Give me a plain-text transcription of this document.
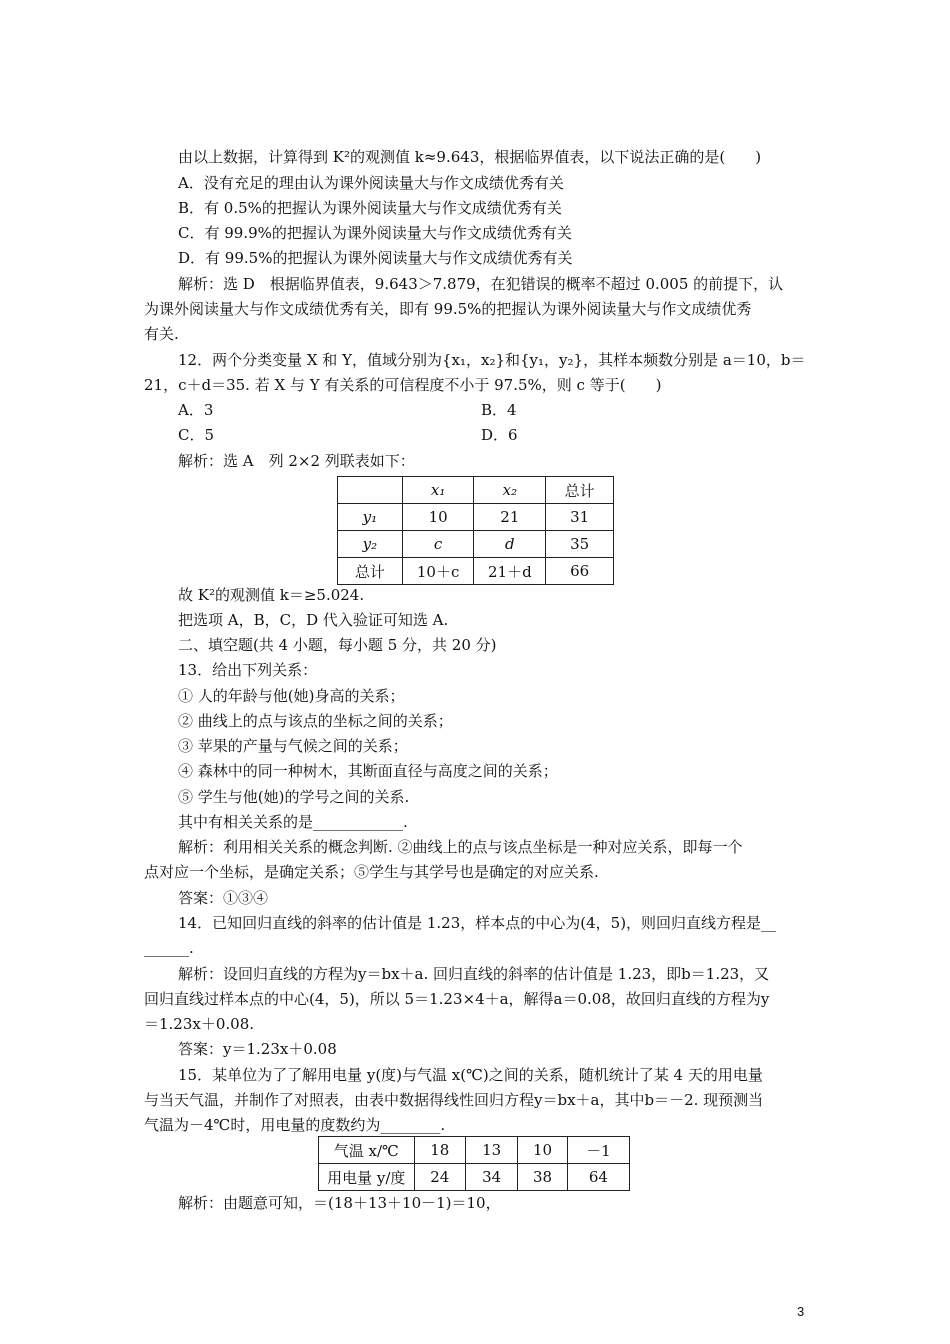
由以上数据，计算得到 K²的观测值 k≈9.643，根据临界值表，以下说法正确的是(　　)
A．没有充足的理由认为课外阅读量大与作文成绩优秀有关
B．有 0.5%的把握认为课外阅读量大与作文成绩优秀有关
C．有 99.9%的把握认为课外阅读量大与作文成绩优秀有关
D．有 99.5%的把握认为课外阅读量大与作文成绩优秀有关
解析：选 D　根据临界值表，9.643＞7.879，在犯错误的概率不超过 0.005 的前提下，认
为课外阅读量大与作文成绩优秀有关，即有 99.5%的把握认为课外阅读量大与作文成绩优秀
有关.
12．两个分类变量 X 和 Y，值域分别为{x₁，x₂}和{y₁，y₂}，其样本频数分别是 a＝10，b＝
21，c＋d＝35. 若 X 与 Y 有关系的可信程度不小于 97.5%，则 c 等于(　　)
A．3	B．4
C．5	D．6
解析：选 A　列 2×2 列联表如下：
	x₁	x₂	总计
y₁	10	21	31
y₂	c	d	35
总计	10＋c	21＋d	66
故 K²的观测值 k＝≥5.024.
把选项 A，B，C，D 代入验证可知选 A.
二、填空题(共 4 小题，每小题 5 分，共 20 分)
13．给出下列关系：
① 人的年龄与他(她)身高的关系；
② 曲线上的点与该点的坐标之间的关系；
③ 苹果的产量与气候之间的关系；
④ 森林中的同一种树木，其断面直径与高度之间的关系；
⑤ 学生与他(她)的学号之间的关系.
其中有相关关系的是____________.
解析：利用相关关系的概念判断. ②曲线上的点与该点坐标是一种对应关系，即每一个
点对应一个坐标，是确定关系；⑤学生与其学号也是确定的对应关系.
答案：①③④
14．已知回归直线的斜率的估计值是 1.23，样本点的中心为(4，5)，则回归直线方程是__
______.
解析：设回归直线的方程为y＝bx＋a. 回归直线的斜率的估计值是 1.23，即b＝1.23，又
回归直线过样本点的中心(4，5)，所以 5＝1.23×4＋a，解得a＝0.08，故回归直线的方程为y
＝1.23x＋0.08.
答案：y＝1.23x＋0.08
15．某单位为了了解用电量 y(度)与气温 x(℃)之间的关系，随机统计了某 4 天的用电量
与当天气温，并制作了对照表，由表中数据得线性回归方程y＝bx＋a，其中b＝－2. 现预测当
气温为－4℃时，用电量的度数约为________.
气温 x/℃	18	13	10	－1
用电量 y/度	24	34	38	64
解析：由题意可知，＝(18＋13＋10－1)＝10，
3
